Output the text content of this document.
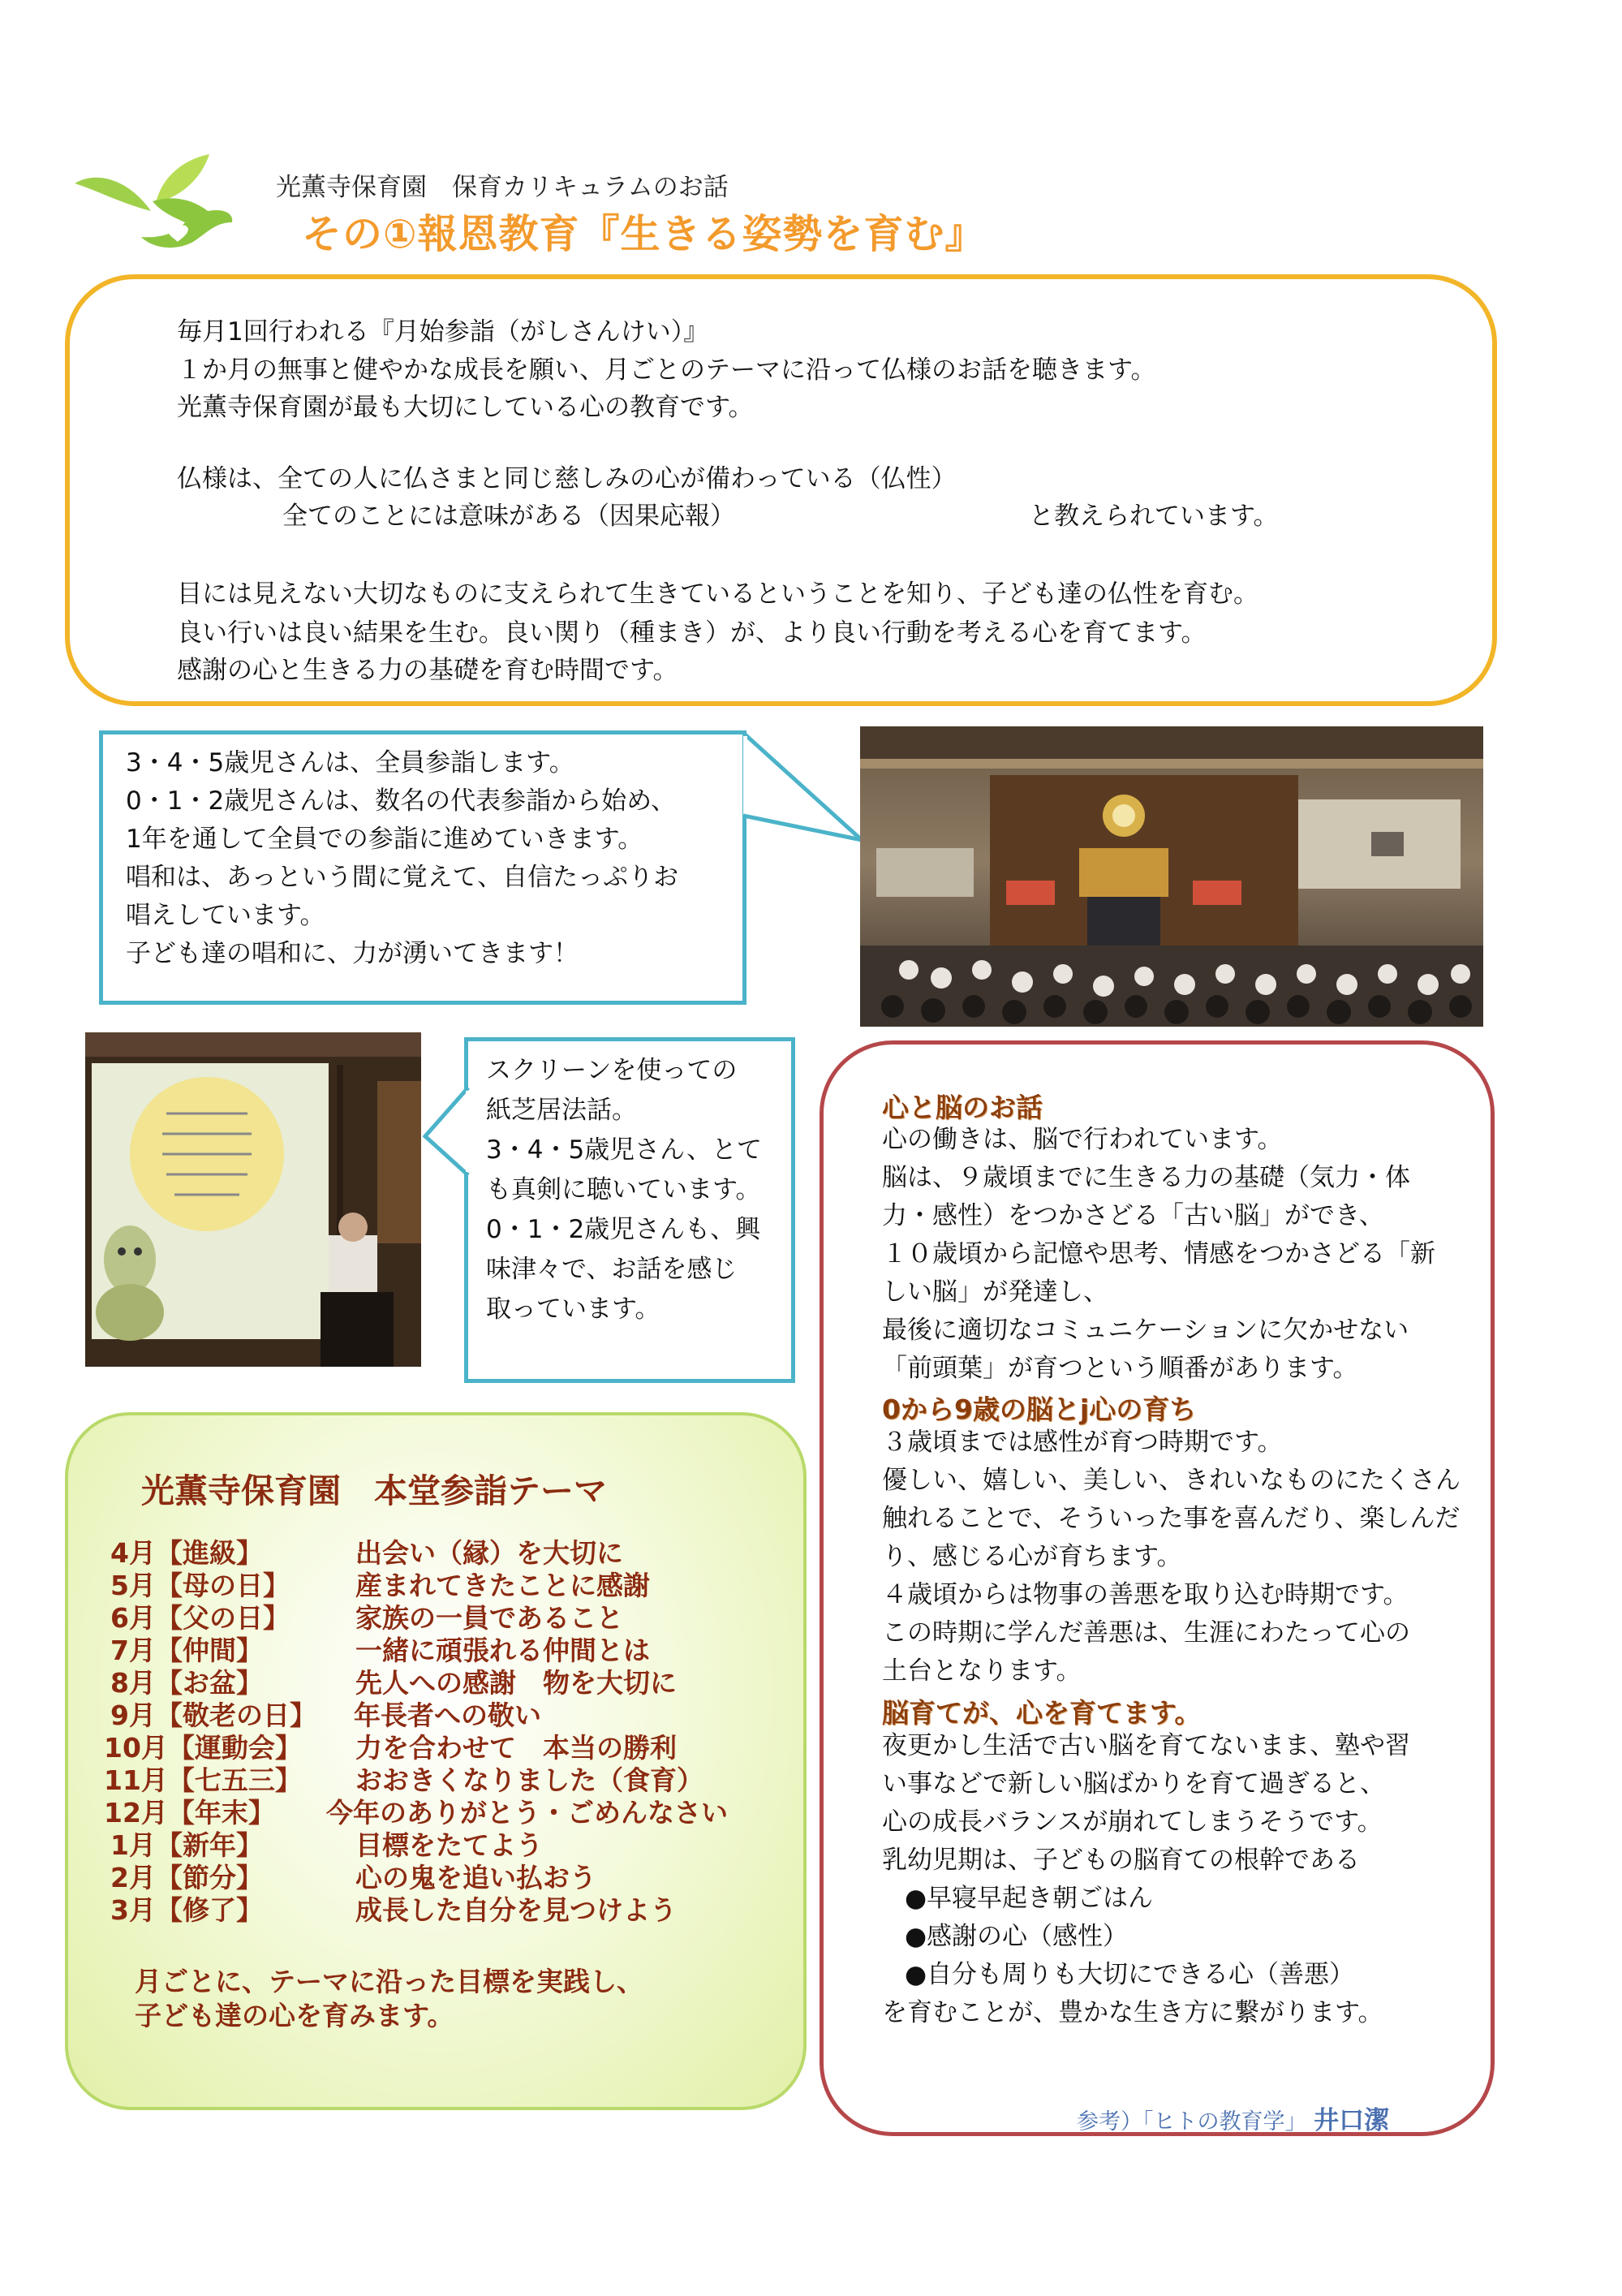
光薫寺保育園　保育カリキュラムのお話
その①報恩教育『生きる姿勢を育む』
毎月1回行われる『月始参詣（がしさんけい）』
１か月の無事と健やかな成長を願い、月ごとのテーマに沿って仏様のお話を聴きます。
光薫寺保育園が最も大切にしている心の教育です。
仏様は、全ての人に仏さまと同じ慈しみの心が備わっている（仏性）
全てのことには意味がある（因果応報）	と教えられています。
目には見えない大切なものに支えられて生きているということを知り、子ども達の仏性を育む。
良い行いは良い結果を生む。良い関り（種まき）が、より良い行動を考える心を育てます。
感謝の心と生きる力の基礎を育む時間です。
3・4・5歳児さんは、全員参詣します。
0・1・2歳児さんは、数名の代表参詣から始め、
1年を通して全員での参詣に進めていきます。
唱和は、あっという間に覚えて、自信たっぷりお
唱えしています。
子ども達の唱和に、力が湧いてきます！
スクリーンを使っての
紙芝居法話。
3・4・5歳児さん、とて
も真剣に聴いています。
0・1・2歳児さんも、興
味津々で、お話を感じ
取っています。
光薫寺保育園　本堂参詣テーマ
4月【進級】	出会い（縁）を大切に
5月【母の日】 産まれてきたことに感謝
6月【父の日】 家族の一員であること
7月【仲間】	一緒に頑張れる仲間とは
8月【お盆】	先人への感謝　物を大切に
9月【敬老の日】 年長者への敬い
10月【運動会】 力を合わせて　本当の勝利
11月【七五三】 おおきくなりました（食育）
12月【年末】 今年のありがとう・ごめんなさい
1月【新年】	目標をたてよう
2月【節分】	心の鬼を追い払おう
3月【修了】	成長した自分を見つけよう
月ごとに、テーマに沿った目標を実践し、
子ども達の心を育みます。
心と脳のお話
心の働きは、脳で行われています。
脳は、９歳頃までに生きる力の基礎（気力・体
力・感性）をつかさどる「古い脳」ができ、
１０歳頃から記憶や思考、情感をつかさどる「新
しい脳」が発達し、
最後に適切なコミュニケーションに欠かせない
「前頭葉」が育つという順番があります。
0から9歳の脳とj心の育ち
３歳頃までは感性が育つ時期です。
優しい、嬉しい、美しい、きれいなものにたくさん
触れることで、そういった事を喜んだり、楽しんだ
り、感じる心が育ちます。
４歳頃からは物事の善悪を取り込む時期です。
この時期に学んだ善悪は、生涯にわたって心の
土台となります。
脳育てが、心を育てます。
夜更かし生活で古い脳を育てないまま、塾や習
い事などで新しい脳ばかりを育て過ぎると、
心の成長バランスが崩れてしまうそうです。
乳幼児期は、子どもの脳育ての根幹である
●早寝早起き朝ごはん
●感謝の心（感性）
●自分も周りも大切にできる心（善悪）
を育むことが、豊かな生き方に繋がります。
参考）「ヒトの教育学」 井口潔
